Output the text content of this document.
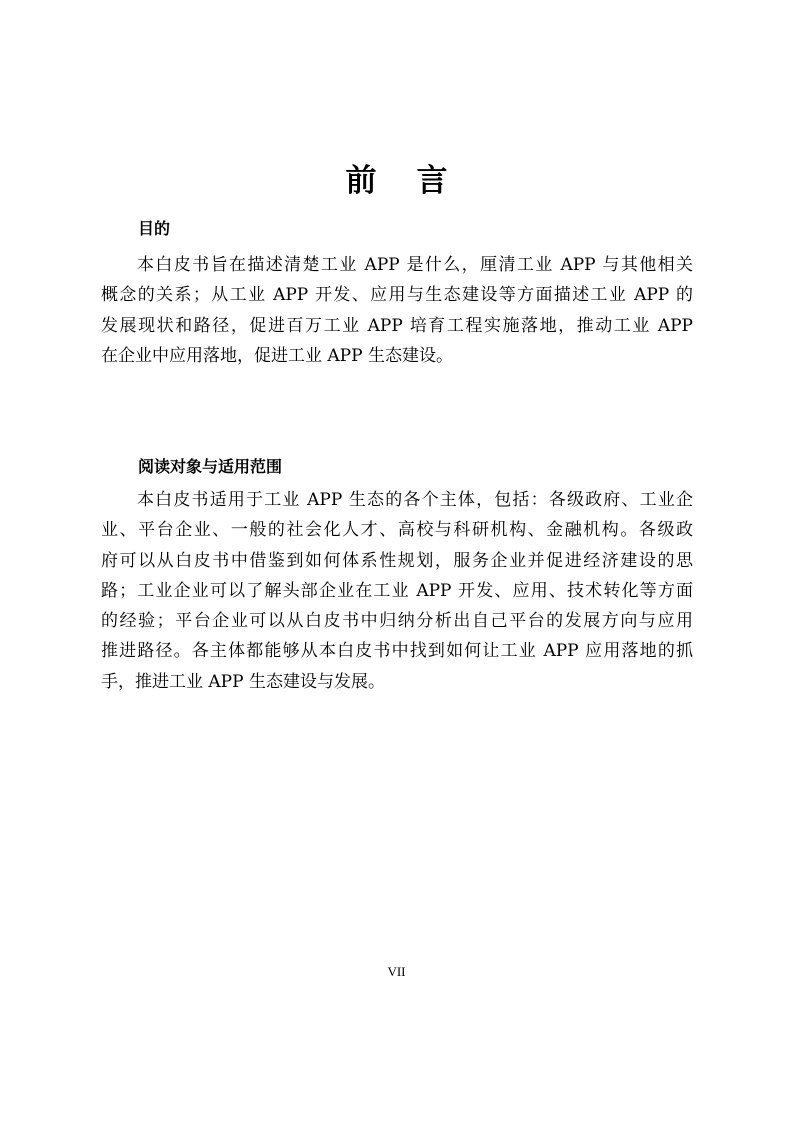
前 言
目的
本白皮书旨在描述清楚工业 APP 是什么，厘清工业 APP 与其他相关
概念的关系；从工业 APP 开发、应用与生态建设等方面描述工业 APP 的
发展现状和路径，促进百万工业 APP 培育工程实施落地，推动工业 APP
在企业中应用落地，促进工业 APP 生态建设。
阅读对象与适用范围
本白皮书适用于工业 APP 生态的各个主体，包括：各级政府、工业企
业、平台企业、一般的社会化人才、高校与科研机构、金融机构。各级政
府可以从白皮书中借鉴到如何体系性规划，服务企业并促进经济建设的思
路；工业企业可以了解头部企业在工业 APP 开发、应用、技术转化等方面
的经验；平台企业可以从白皮书中归纳分析出自己平台的发展方向与应用
推进路径。各主体都能够从本白皮书中找到如何让工业 APP 应用落地的抓
手，推进工业 APP 生态建设与发展。
VII
